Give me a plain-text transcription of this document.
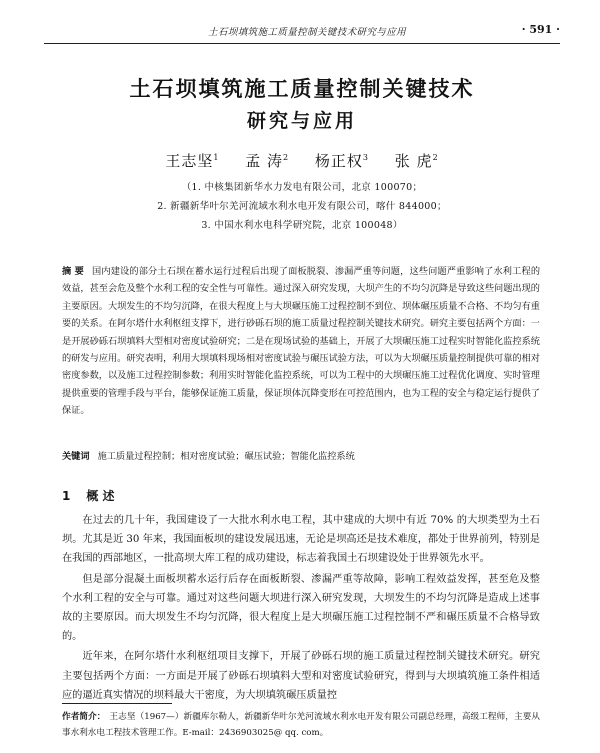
土石坝填筑施工质量控制关键技术研究与应用	· 591 ·
土石坝填筑施工质量控制关键技术
研究与应用
王志坚$^1$ 孟 涛$^2$ 杨正权$^3$ 张 虎$^2$
（1. 中核集团新华水力发电有限公司，北京 100070；
2. 新疆新华叶尔羌河流域水利水电开发有限公司，喀什 844000；
3. 中国水利水电科学研究院，北京 100048）
摘 要 国内建设的部分土石坝在蓄水运行过程后出现了面板脱裂、渗漏严重等问题，这些问题严重影响了水利工程的效益，甚至会危及整个水利工程的安全性与可靠性。通过深入研究发现，大坝产生的不均匀沉降是导致这些问题出现的主要原因。大坝发生的不均匀沉降，在很大程度上与大坝碾压施工过程控制不到位、坝体碾压质量不合格、不均匀有重要的关系。在阿尔塔什水利枢纽支撑下，进行砂砾石坝的施工质量过程控制关键技术研究。研究主要包括两个方面：一是开展砂砾石坝填料大型相对密度试验研究；二是在现场试验的基础上，开展了大坝碾压施工过程实时智能化监控系统的研发与应用。研究表明，利用大坝填料现场相对密度试验与碾压试验方法，可以为大坝碾压质量控制提供可靠的相对密度参数，以及施工过程控制参数；利用实时智能化监控系统，可以为工程中的大坝碾压施工过程优化调度、实时管理提供重要的管理手段与平台，能够保证施工质量，保证坝体沉降变形在可控范围内，也为工程的安全与稳定运行提供了保证。
关键词 施工质量过程控制；相对密度试验；碾压试验；智能化监控系统
1 概 述

在过去的几十年，我国建设了一大批水利水电工程，其中建成的大坝中有近 70% 的大坝类型为土石坝。尤其是近 30 年来，我国面板坝的建设发展迅速，无论是坝高还是技术难度，都处于世界前列，特别是在我国的西部地区，一批高坝大库工程的成功建设，标志着我国土石坝建设处于世界领先水平。

但是部分混凝土面板坝蓄水运行后存在面板断裂、渗漏严重等故障，影响工程效益发挥，甚至危及整个水利工程的安全与可靠。通过对这些问题大坝进行深入研究发现，大坝发生的不均匀沉降是造成上述事故的主要原因。而大坝发生不均匀沉降，很大程度上是大坝碾压施工过程控制不严和碾压质量不合格导致的。

近年来，在阿尔塔什水利枢纽项目支撑下，开展了砂砾石坝的施工质量过程控制关键技术研究。研究主要包括两个方面：一方面是开展了砂砾石坝填料大型和对密度试验研究，得到与大坝填筑施工条件相适应的逼近真实情况的坝料最大干密度，为大坝填筑碾压质量控

作者简介： 王志坚（1967—）新疆库尔勒人，新疆新华叶尔羌河流域水利水电开发有限公司副总经理，高级工程师，主要从事水利水电工程技术管理工作。E-mail：2436903025@ qq. com。
